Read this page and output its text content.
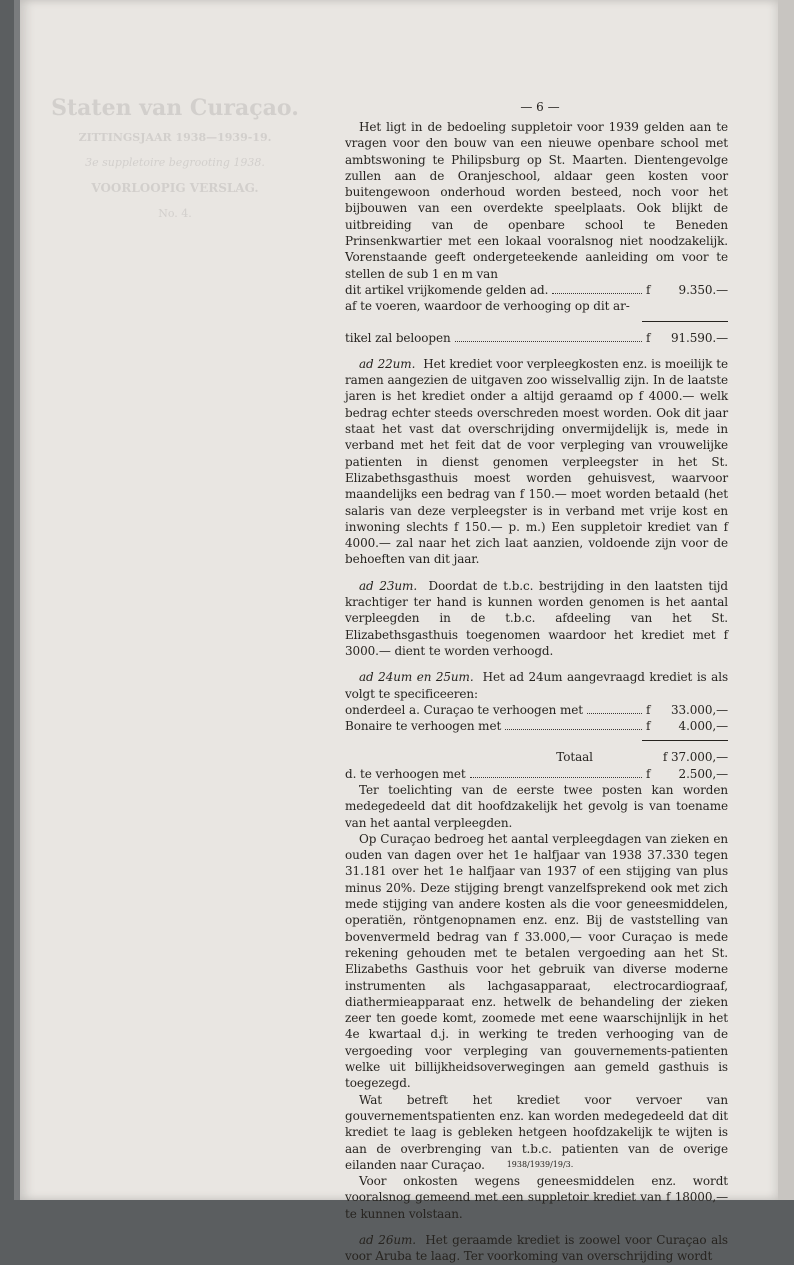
Staten van Curaçao.
ZITTINGSJAAR 1938—1939-19.
3e suppletoire begrooting 1938.
VOORLOOPIG VERSLAG.
No. 4.
— 6 —

Het ligt in de bedoeling suppletoir voor 1939 gelden aan te vragen voor den bouw van een nieuwe openbare school met ambtswoning te Philipsburg op St. Maarten. Dientengevolge zullen aan de Oranjeschool, aldaar geen kosten voor buitengewoon onderhoud worden besteed, noch voor het bijbouwen van een overdekte speelplaats. Ook blijkt de uitbreiding van de openbare school te Beneden Prinsenkwartier met een lokaal vooralsnog niet noodzakelijk. Vorenstaande geeft ondergeteekende aanleiding om voor te stellen de sub 1 en m van

dit artikel vrijkomende gelden ad.	f 9.350.—

af te voeren, waardoor de verhooging op dit ar-

tikel zal beloopen	f 91.590.—

ad 22um. Het krediet voor verpleegkosten enz. is moeilijk te ramen aangezien de uitgaven zoo wisselvallig zijn. In de laatste jaren is het krediet onder a altijd geraamd op f 4000.— welk bedrag echter steeds overschreden moest worden. Ook dit jaar staat het vast dat overschrijding onvermijdelijk is, mede in verband met het feit dat de voor verpleging van vrouwelijke patienten in dienst genomen verpleegster in het St. Elizabethsgasthuis moest worden gehuisvest, waarvoor maandelijks een bedrag van f 150.— moet worden betaald (het salaris van deze verpleegster is in verband met vrije kost en inwoning slechts f 150.— p. m.) Een suppletoir krediet van f 4000.— zal naar het zich laat aanzien, voldoende zijn voor de behoeften van dit jaar.

ad 23um. Doordat de t.b.c. bestrijding in den laatsten tijd krachtiger ter hand is kunnen worden genomen is het aantal verpleegden in de t.b.c. afdeeling van het St. Elizabethsgasthuis toegenomen waardoor het krediet met f 3000.— dient te worden verhoogd.

ad 24um en 25um. Het ad 24um aangevraagd krediet is als volgt te specificeeren:

onderdeel a. Curaçao te verhoogen met	f 33.000,—
Bonaire te verhoogen met	f 4.000,—
Totaal	f 37.000,—
d. te verhoogen met	f 2.500,—

Ter toelichting van de eerste twee posten kan worden medegedeeld dat dit hoofdzakelijk het gevolg is van toename van het aantal verpleegden.

Op Curaçao bedroeg het aantal verpleegdagen van zieken en ouden van dagen over het 1e halfjaar van 1938 37.330 tegen 31.181 over het 1e halfjaar van 1937 of een stijging van plus minus 20%. Deze stijging brengt vanzelfsprekend ook met zich mede stijging van andere kosten als die voor geneesmiddelen, operatiën, röntgenopnamen enz. enz. Bij de vaststelling van bovenvermeld bedrag van f 33.000,— voor Curaçao is mede rekening gehouden met te betalen vergoeding aan het St. Elizabeths Gasthuis voor het gebruik van diverse moderne instrumenten als lachgasapparaat, electrocardiograaf, diathermieapparaat enz. hetwelk de behandeling der zieken zeer ten goede komt, zoomede met eene waarschijnlijk in het 4e kwartaal d.j. in werking te treden verhooging van de vergoeding voor verpleging van gouvernements-patienten welke uit billijkheidsoverwegingen aan gemeld gasthuis is toegezegd.

Wat betreft het krediet voor vervoer van gouvernementspatienten enz. kan worden medegedeeld dat dit krediet te laag is gebleken hetgeen hoofdzakelijk te wijten is aan de overbrenging van t.b.c. patienten van de overige eilanden naar Curaçao.

Voor onkosten wegens geneesmiddelen enz. wordt vooralsnog gemeend met een suppletoir krediet van f 18000,— te kunnen volstaan.

ad 26um. Het geraamde krediet is zoowel voor Curaçao als voor Aruba te laag. Ter voorkoming van overschrijding wordt

1938/1939/19/3.
